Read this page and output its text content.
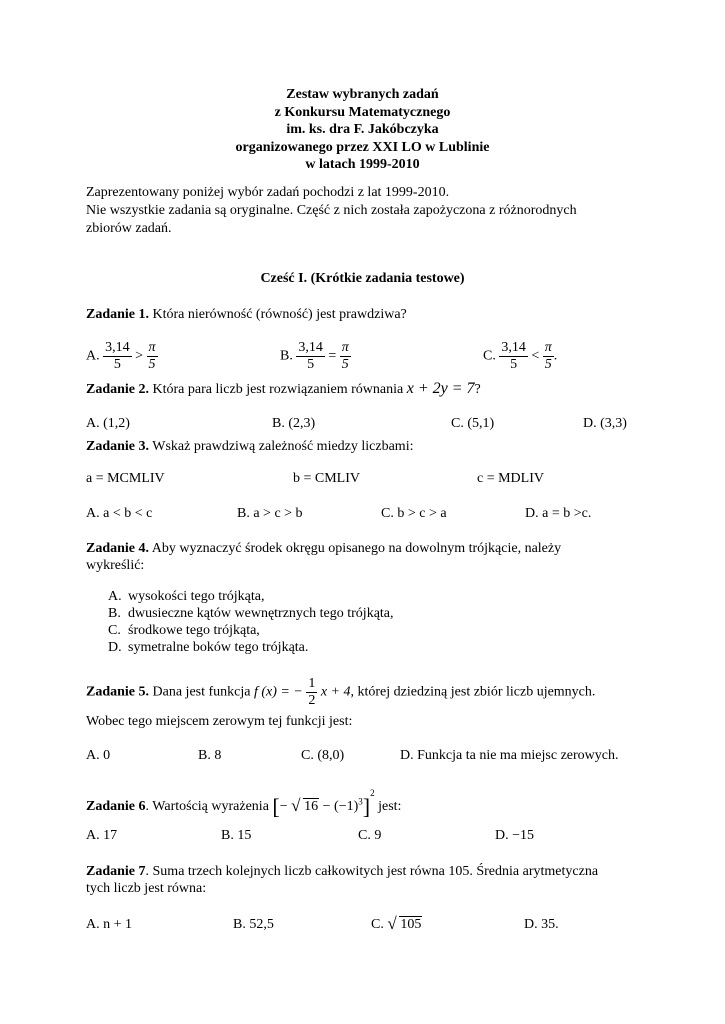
Zestaw wybranych zadań
z Konkursu Matematycznego
im. ks. dra F. Jakóbczyka
organizowanego przez XXI LO w Lublinie
w latach 1999-2010
Zaprezentowany poniżej wybór zadań pochodzi z lat 1999-2010.
Nie wszystkie zadania są oryginalne. Część z nich została zapożyczona z różnorodnych
zbiorów zadań.
Cześć I. (Krótkie zadania testowe)
Zadanie 1. Która nierówność (równość) jest prawdziwa?
A. $\frac{3,14}{5} > \frac{\pi}{5}$	B. $\frac{3,14}{5} = \frac{\pi}{5}$	C. $\frac{3,14}{5} < \frac{\pi}{5}$ .
Zadanie 2. Która para liczb jest rozwiązaniem równania x + 2y = 7?
A. (1,2)	B. (2,3)	C. (5,1)	D. (3,3)
Zadanie 3. Wskaż prawdziwą zależność miedzy liczbami:
a = MCMLIV	b = CMLIV	c = MDLIV
A. a < b < c	B. a > c > b	C. b > c > a	D. a = b >c.
Zadanie 4. Aby wyznaczyć środek okręgu opisanego na dowolnym trójkącie, należy
wykreślić:
A. wysokości tego trójkąta,
B. dwusieczne kątów wewnętrznych tego trójkąta,
C. środkowe tego trójkąta,
D. symetralne boków tego trójkąta.
Zadanie 5. Dana jest funkcja f (x) = − $\frac{1}{2}$ x + 4, której dziedziną jest zbiór liczb ujemnych.
Wobec tego miejscem zerowym tej funkcji jest:
A. 0	B. 8	C. (8,0)	D. Funkcja ta nie ma miejsc zerowych.
Zadanie 6. Wartością wyrażenia [− √ $16 - (-1)^3]^2$ jest:
A. 17	B. 15	C. 9	D. −15
Zadanie 7. Suma trzech kolejnych liczb całkowitych jest równa 105. Średnia arytmetyczna
tych liczb jest równa:
A. n + 1	B. 52,5	C. √ 105	D. 35.
